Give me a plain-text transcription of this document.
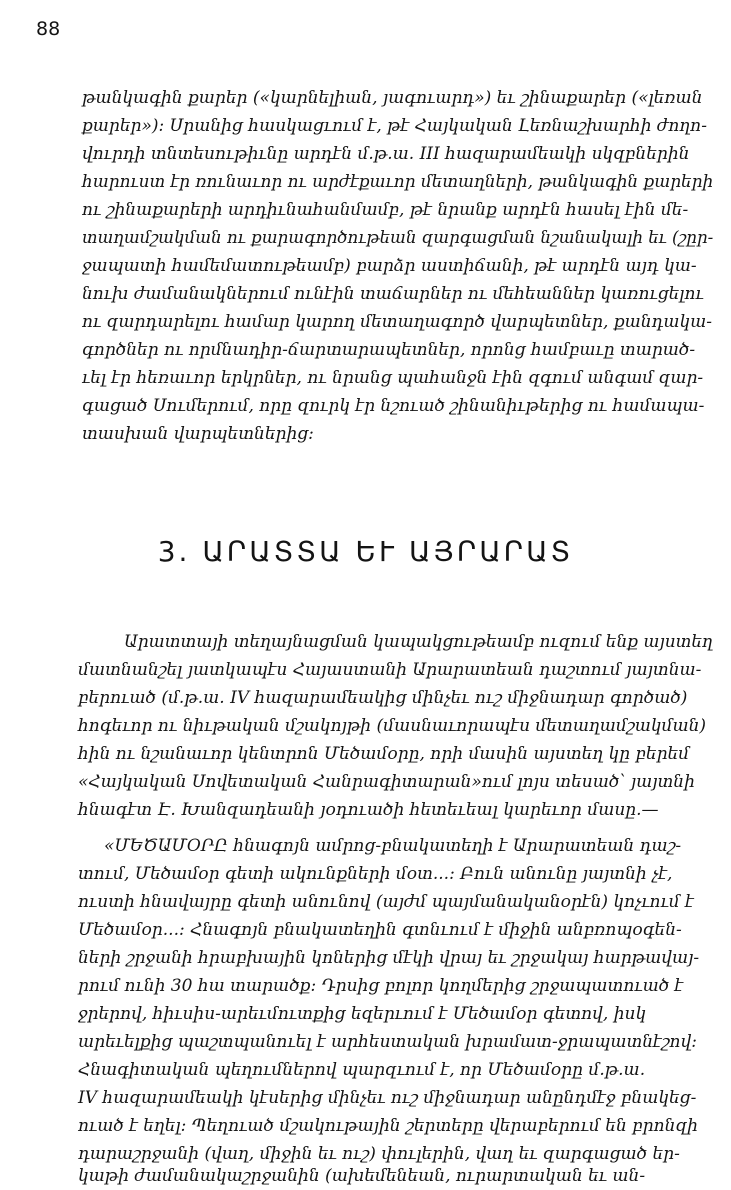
88
թանկագին քարեր («կարնելիան, յագուարդ») եւ շինաքարեր («լեռան
քարեր»): Սրանից հասկացւում է, թէ Հայկական Լեռնաշխարհի ժողո-
վուրդի տնտեսութիւնը արդէն մ.թ.ա. III հազարամեակի սկզբներին
հարուստ էր ռունաւոր ու արժէքաւոր մետաղների, թանկագին քարերի
ու շինաքարերի արդիւնահանմամբ, թէ նրանք արդէն հասել էին մե-
տաղամշակման ու քարագործութեան զարգացման նշանակալի եւ (շըր-
ջապատի համեմատութեամբ) բարձր աստիճանի, թէ արդէն այդ կա-
նուխ ժամանակներում ունէին տաճարներ ու մեհեաններ կառուցելու
ու զարդարելու համար կարող մետաղագործ վարպետներ, քանդակա-
գործներ ու որմնադիր-ճարտարապետներ, որոնց համբաւը տարած-
ւել էր հեռաւոր երկրներ, ու նրանց պահանջն էին զգում անգամ զար-
գացած Սումերում, որը զուրկ էր նշուած շինանիւթերից ու համապա-
տասխան վարպետներից:
3. ԱՐԱՏՏԱ ԵՒ ԱՅՐԱՐԱՏ
Արատտայի տեղայնացման կապակցութեամբ ուզում ենք այստեղ
մատնանշել յատկապէս Հայաստանի Արարատեան դաշտում յայտնա-
բերուած (մ.թ.ա. IV հազարամեակից մինչեւ ուշ միջնադար գործած)
հոգեւոր ու նիւթական մշակոյթի (մասնաւորապէս մետաղամշակման)
հին ու նշանաւոր կենտրոն Մեծամօրը, որի մասին այստեղ կը բերեմ
«Հայկական Սովետական Հանրագիտարան»ում լոյս տեսած՝ յայտնի
հնագէտ Է. Խանզադեանի յօդուածի հետեւեալ կարեւոր մասը.—
«ՄԵԾԱՄՕՐԸ հնագոյն ամրոց-բնակատեղի է Արարատեան դաշ-
տում, Մեծամօր գետի ակունքների մօտ...: Բուն անունը յայտնի չէ,
ուստի հնավայրը գետի անունով (այժմ պայմանականօրէն) կոչւում է
Մեծամօր...: Հնագոյն բնակատեղին գտնւում է միջին անբռոպօգեն-
ների շրջանի հրաբխային կոներից մէկի վրայ եւ շրջակայ հարթավայ-
րում ունի 30 հա տարածք: Դրսից բոլոր կողմերից շրջապատուած է
ջրերով, հիւսիս-արեւմուտքից եզերւում է Մեծամօր գետով, իսկ
արեւելքից պաշտպանուել է արհեստական խրամատ-ջրապատնէշով:
Հնագիտական պեղումներով պարզւում է, որ Մեծամօրը մ.թ.ա.
IV հազարամեակի կէսերից մինչեւ ուշ միջնադար անընդմէջ բնակեց-
ուած է եղել: Պեղուած մշակութային շերտերը վերաբերում են բրոնզի
դարաշրջանի (վաղ, միջին եւ ուշ) փուլերին, վաղ եւ զարգացած եր-
կաթի ժամանակաշրջանին (ախեմենեան, ուրարտական եւ ան-
